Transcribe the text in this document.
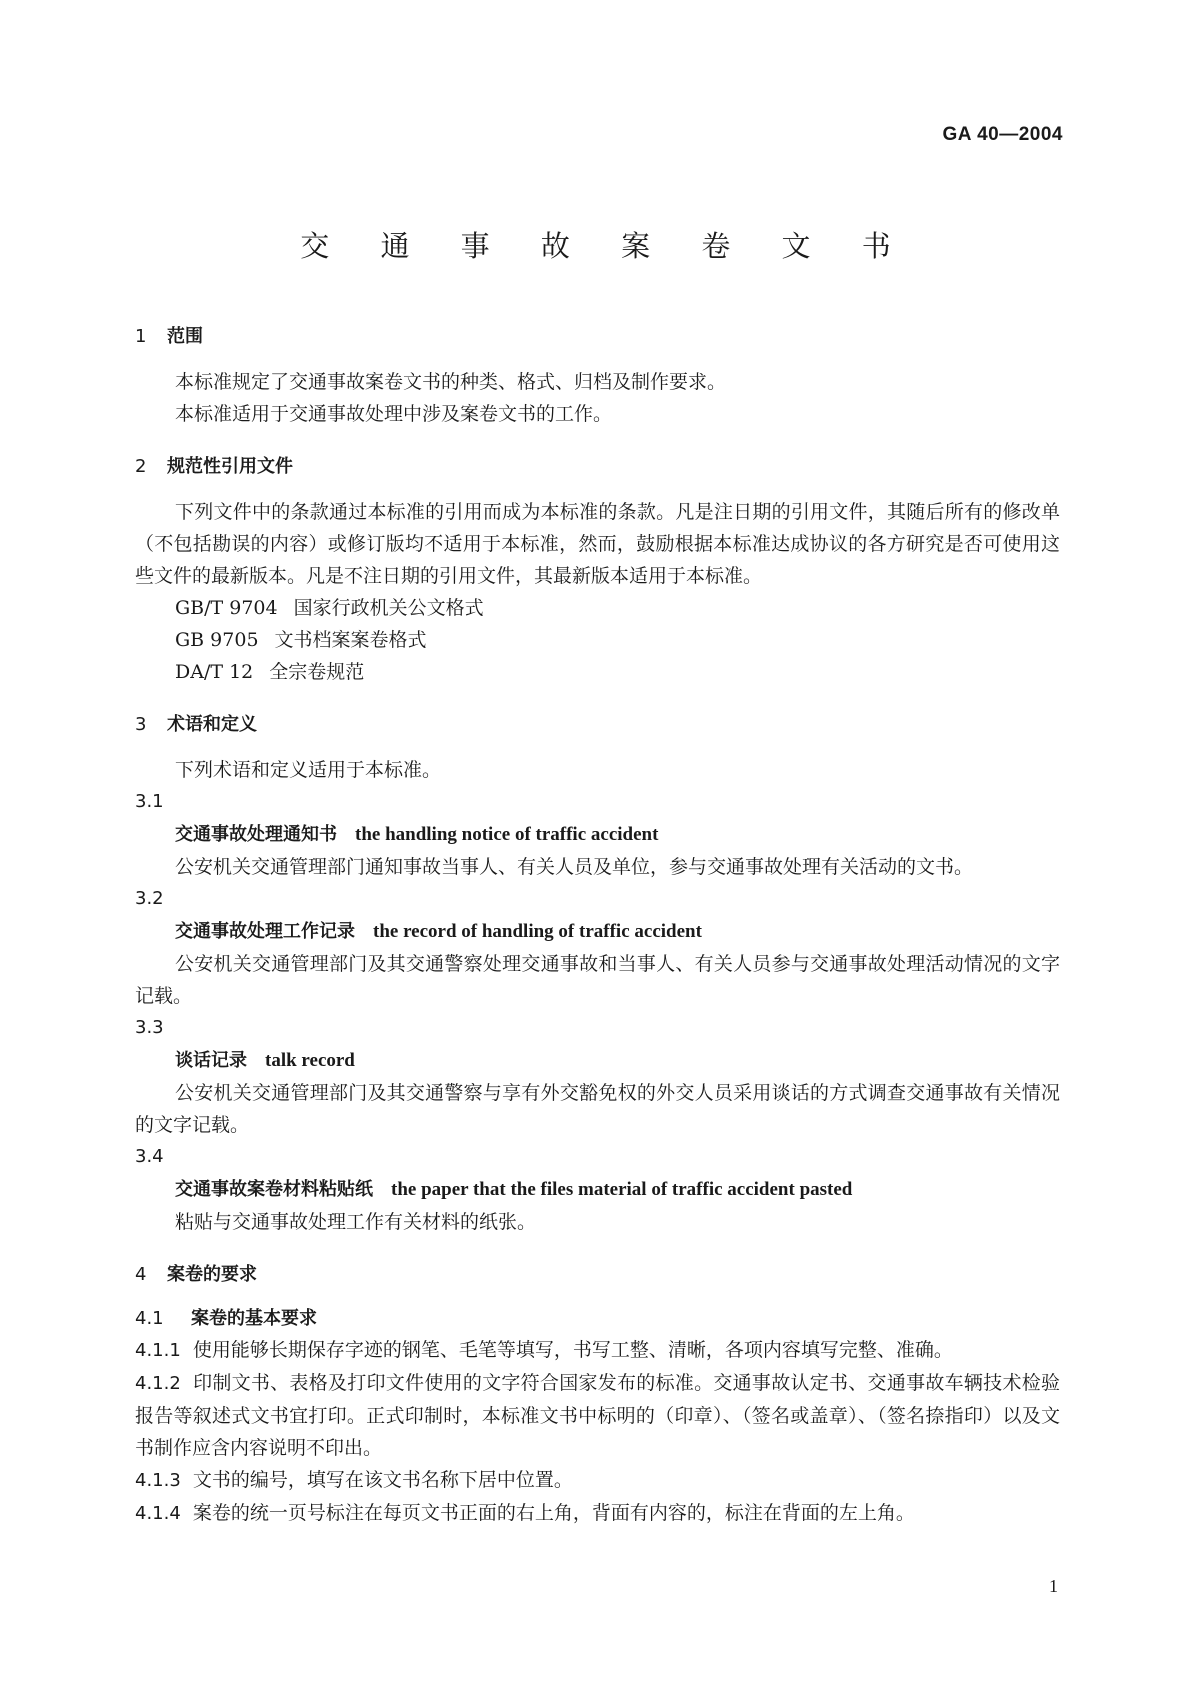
GA 40—2004
交 通 事 故 案 卷 文 书
1 范围

本标准规定了交通事故案卷文书的种类、格式、归档及制作要求。

本标准适用于交通事故处理中涉及案卷文书的工作。

2 规范性引用文件

下列文件中的条款通过本标准的引用而成为本标准的条款。凡是注日期的引用文件，其随后所有的修改单（不包括勘误的内容）或修订版均不适用于本标准，然而，鼓励根据本标准达成协议的各方研究是否可使用这些文件的最新版本。凡是不注日期的引用文件，其最新版本适用于本标准。

GB/T 9704 国家行政机关公文格式
GB 9705 文书档案案卷格式
DA/T 12 全宗卷规范
3 术语和定义

下列术语和定义适用于本标准。

3.1
交通事故处理通知书 the handling notice of traffic accident

公安机关交通管理部门通知事故当事人、有关人员及单位，参与交通事故处理有关活动的文书。

3.2
交通事故处理工作记录 the record of handling of traffic accident

公安机关交通管理部门及其交通警察处理交通事故和当事人、有关人员参与交通事故处理活动情况的文字记载。

3.3
谈话记录 talk record

公安机关交通管理部门及其交通警察与享有外交豁免权的外交人员采用谈话的方式调查交通事故有关情况的文字记载。

3.4
交通事故案卷材料粘贴纸 the paper that the files material of traffic accident pasted

粘贴与交通事故处理工作有关材料的纸张。

4 案卷的要求
4.1 案卷的基本要求

4.1.1 使用能够长期保存字迹的钢笔、毛笔等填写，书写工整、清晰，各项内容填写完整、准确。

4.1.2 印制文书、表格及打印文件使用的文字符合国家发布的标准。交通事故认定书、交通事故车辆技术检验报告等叙述式文书宜打印。正式印制时，本标准文书中标明的（印章）、（签名或盖章）、（签名捺指印）以及文书制作应含内容说明不印出。

4.1.3 文书的编号，填写在该文书名称下居中位置。

4.1.4 案卷的统一页号标注在每页文书正面的右上角，背面有内容的，标注在背面的左上角。

1
